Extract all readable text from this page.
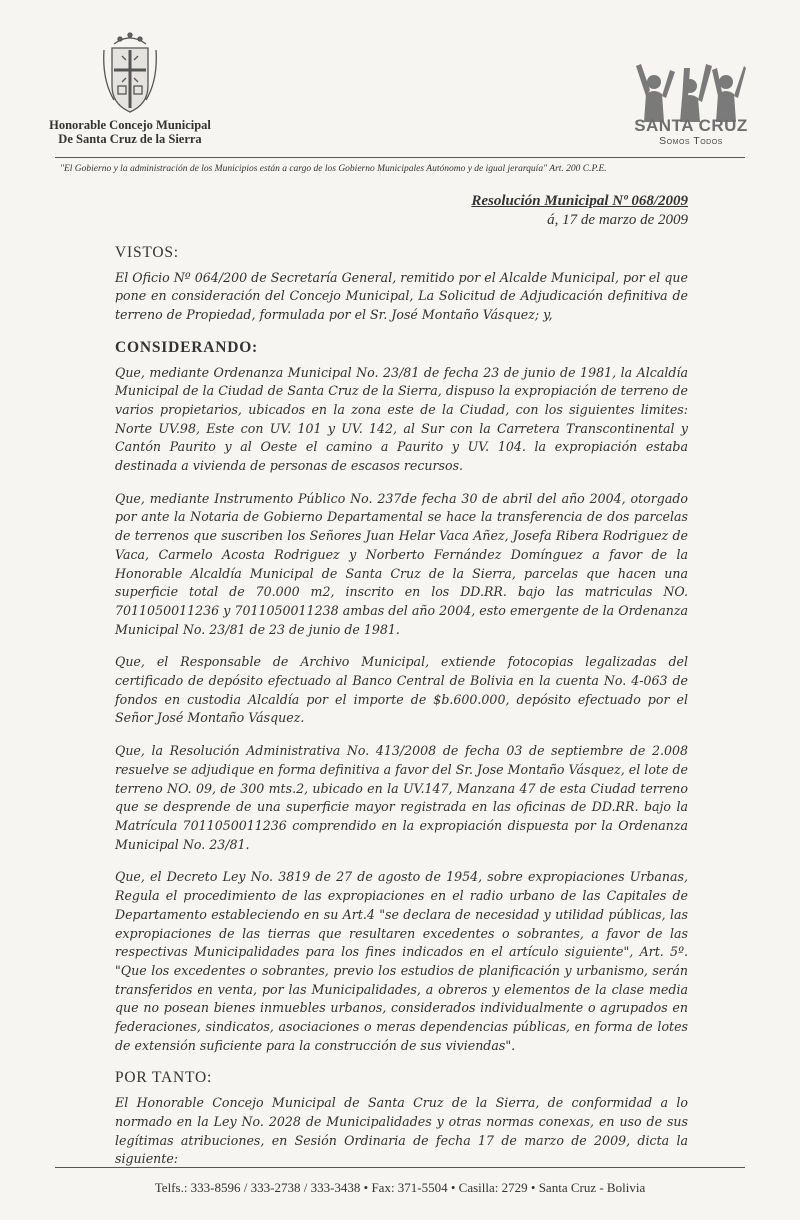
Honorable Concejo Municipal
De Santa Cruz de la Sierra
SANTA CRUZ
Somos Todos
"El Gobierno y la administración de los Municipios están a cargo de los Gobierno Municipales Autónomo y de igual jerarquía" Art. 200 C.P.E.
Resolución Municipal Nº 068/2009
á, 17 de marzo de 2009
VISTOS:

El Oficio Nº 064/200 de Secretaría General, remitido por el Alcalde Municipal, por el que pone en consideración del Concejo Municipal, La Solicitud de Adjudicación definitiva de terreno de Propiedad, formulada por el Sr. José Montaño Vásquez; y,

CONSIDERANDO:

Que, mediante Ordenanza Municipal No. 23/81 de fecha 23 de junio de 1981, la Alcaldía Municipal de la Ciudad de Santa Cruz de la Sierra, dispuso la expropiación de terreno de varios propietarios, ubicados en la zona este de la Ciudad, con los siguientes limites: Norte UV.98, Este con UV. 101 y UV. 142, al Sur con la Carretera Transcontinental y Cantón Paurito y al Oeste el camino a Paurito y UV. 104. la expropiación estaba destinada a vivienda de personas de escasos recursos.

Que, mediante Instrumento Público No. 237de fecha 30 de abril del año 2004, otorgado por ante la Notaria de Gobierno Departamental se hace la transferencia de dos parcelas de terrenos que suscriben los Señores Juan Helar Vaca Añez, Josefa Ribera Rodriguez de Vaca, Carmelo Acosta Rodriguez y Norberto Fernández Domínguez a favor de la Honorable Alcaldía Municipal de Santa Cruz de la Sierra, parcelas que hacen una superficie total de 70.000 m2, inscrito en los DD.RR. bajo las matriculas NO. 7011050011236 y 7011050011238 ambas del año 2004, esto emergente de la Ordenanza Municipal No. 23/81 de 23 de junio de 1981.

Que, el Responsable de Archivo Municipal, extiende fotocopias legalizadas del certificado de depósito efectuado al Banco Central de Bolivia en la cuenta No. 4-063 de fondos en custodia Alcaldía por el importe de $b.600.000, depósito efectuado por el Señor José Montaño Vásquez.

Que, la Resolución Administrativa No. 413/2008 de fecha 03 de septiembre de 2.008 resuelve se adjudique en forma definitiva a favor del Sr. Jose Montaño Vásquez, el lote de terreno NO. 09, de 300 mts.2, ubicado en la UV.147, Manzana 47 de esta Ciudad terreno que se desprende de una superficie mayor registrada en las oficinas de DD.RR. bajo la Matrícula 7011050011236 comprendido en la expropiación dispuesta por la Ordenanza Municipal No. 23/81.

Que, el Decreto Ley No. 3819 de 27 de agosto de 1954, sobre expropiaciones Urbanas, Regula el procedimiento de las expropiaciones en el radio urbano de las Capitales de Departamento estableciendo en su Art.4 "se declara de necesidad y utilidad públicas, las expropiaciones de las tierras que resultaren excedentes o sobrantes, a favor de las respectivas Municipalidades para los fines indicados en el artículo siguiente", Art. 5º. "Que los excedentes o sobrantes, previo los estudios de planificación y urbanismo, serán transferidos en venta, por las Municipalidades, a obreros y elementos de la clase media que no posean bienes inmuebles urbanos, considerados individualmente o agrupados en federaciones, sindicatos, asociaciones o meras dependencias públicas, en forma de lotes de extensión suficiente para la construcción de sus viviendas".

POR TANTO:

El Honorable Concejo Municipal de Santa Cruz de la Sierra, de conformidad a lo normado en la Ley No. 2028 de Municipalidades y otras normas conexas, en uso de sus legítimas atribuciones, en Sesión Ordinaria de fecha 17 de marzo de 2009, dicta la siguiente:

Telfs.: 333-8596 / 333-2738 / 333-3438 • Fax: 371-5504 • Casilla: 2729 • Santa Cruz - Bolivia
